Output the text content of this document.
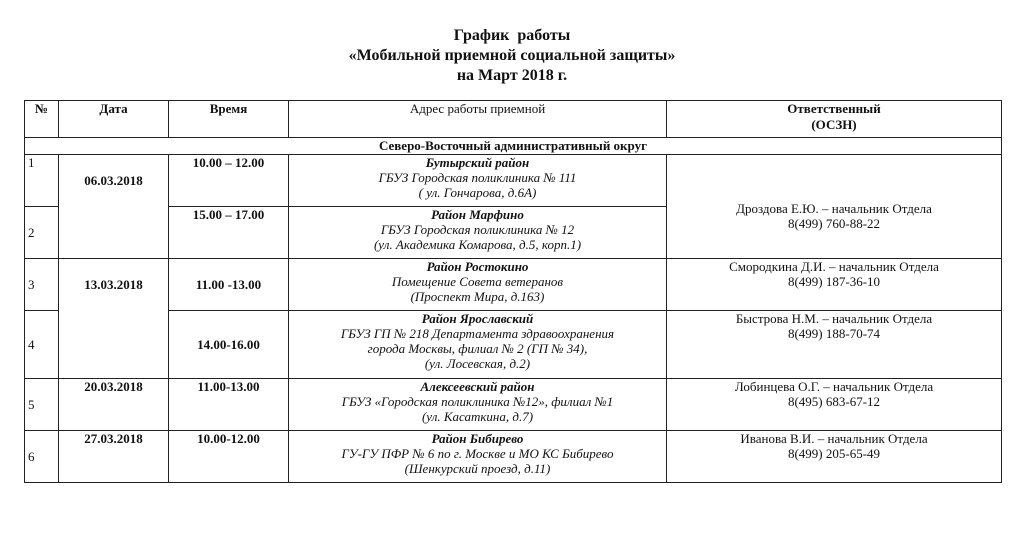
График  работы
«Мобильной приемной социальной защиты»
на Март 2018 г.
№	Дата	Время	Адрес работы приемной	Ответственный
(ОСЗН)

Северо-Восточный административный округ				
1	06.03.2018	10.00 – 12.00	Бутырский район
ГБУЗ Городская поликлиника № 111
( ул. Гончарова, д.6А)	Дроздова Е.Ю. – начальник Отдела
8(499) 760-88-22

2		15.00 – 17.00	Район Марфино
ГБУЗ Городская поликлиника № 12
(ул. Академика Комарова, д.5, корп.1)	

3	13.03.2018	11.00 -13.00	Район Ростокино
Помещение Совета ветеранов
(Проспект Мира, д.163)	Смородкина Д.И. – начальник Отдела
8(499) 187-36-10

4		14.00-16.00	Район Ярославский
ГБУЗ ГП № 218 Департамента здравоохранения
города Москвы, филиал № 2 (ГП № 34),
(ул. Лосевская, д.2)	Быстрова Н.М. – начальник Отдела
8(499) 188-70-74

5	20.03.2018	11.00-13.00	Алексеевский район
ГБУЗ «Городская поликлиника №12», филиал №1
(ул. Касаткина, д.7)	Лобинцева О.Г. – начальник Отдела
8(495) 683-67-12

6	27.03.2018	10.00-12.00	Район Бибирево
ГУ-ГУ ПФР № 6 по г. Москве и МО КС Бибирево
(Шенкурский проезд, д.11)	Иванова В.И. – начальник Отдела
8(499) 205-65-49
